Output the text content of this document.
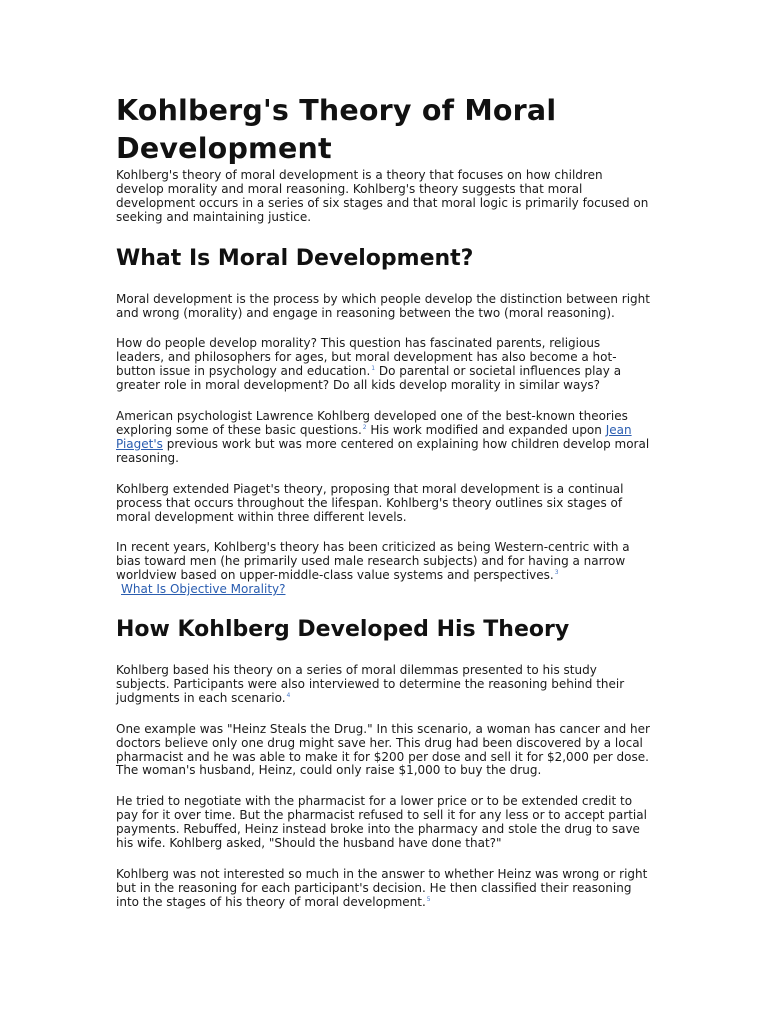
Kohlberg's Theory of Moral Development

Kohlberg's theory of moral development is a theory that focuses on how children develop morality and moral reasoning. Kohlberg's theory suggests that moral development occurs in a series of six stages and that moral logic is primarily focused on seeking and maintaining justice.

What Is Moral Development?

Moral development is the process by which people develop the distinction between right and wrong (morality) and engage in reasoning between the two (moral reasoning).

How do people develop morality? This question has fascinated parents, religious leaders, and philosophers for ages, but moral development has also become a hot-button issue in psychology and education.$^1$ Do parental or societal influences play a greater role in moral development? Do all kids develop morality in similar ways?

American psychologist Lawrence Kohlberg developed one of the best-known theories exploring some of these basic questions.$^2$ His work modified and expanded upon Jean Piaget's previous work but was more centered on explaining how children develop moral reasoning.

Kohlberg extended Piaget's theory, proposing that moral development is a continual process that occurs throughout the lifespan. Kohlberg's theory outlines six stages of moral development within three different levels.

In recent years, Kohlberg's theory has been criticized as being Western-centric with a bias toward men (he primarily used male research subjects) and for having a narrow worldview based on upper-middle-class value systems and perspectives.$^3$
What Is Objective Morality?

How Kohlberg Developed His Theory

Kohlberg based his theory on a series of moral dilemmas presented to his study subjects. Participants were also interviewed to determine the reasoning behind their judgments in each scenario.$^4$

One example was "Heinz Steals the Drug." In this scenario, a woman has cancer and her doctors believe only one drug might save her. This drug had been discovered by a local pharmacist and he was able to make it for $200 per dose and sell it for $2,000 per dose. The woman's husband, Heinz, could only raise $1,000 to buy the drug.

He tried to negotiate with the pharmacist for a lower price or to be extended credit to pay for it over time. But the pharmacist refused to sell it for any less or to accept partial payments. Rebuffed, Heinz instead broke into the pharmacy and stole the drug to save his wife. Kohlberg asked, "Should the husband have done that?"

Kohlberg was not interested so much in the answer to whether Heinz was wrong or right but in the reasoning for each participant's decision. He then classified their reasoning into the stages of his theory of moral development.$^5$
